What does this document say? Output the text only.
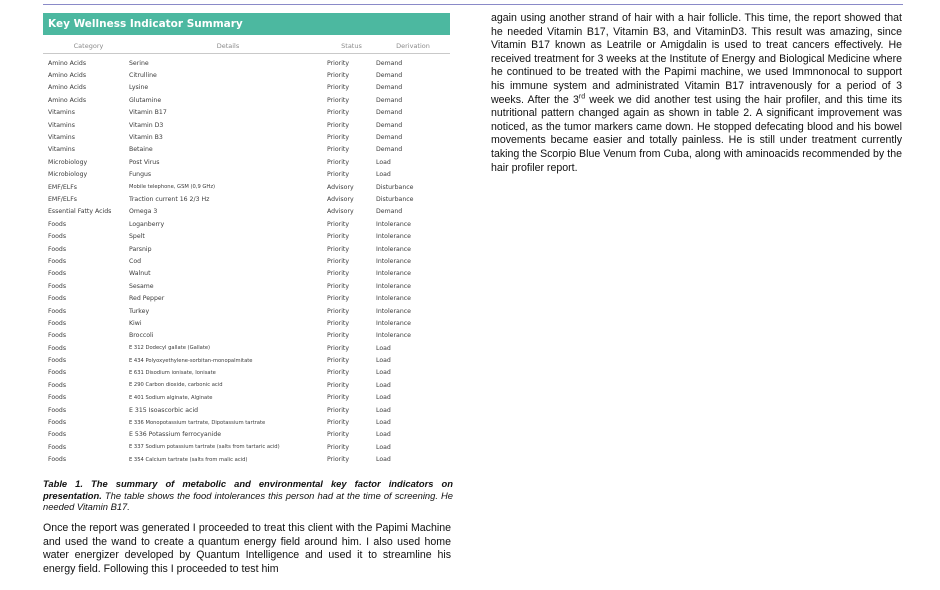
Key Wellness Indicator Summary
Category	Details	Status	Derivation
Amino Acids	Serine	Priority	Demand
Amino Acids	Citrulline	Priority	Demand
Amino Acids	Lysine	Priority	Demand
Amino Acids	Glutamine	Priority	Demand
Vitamins	Vitamin B17	Priority	Demand
Vitamins	Vitamin D3	Priority	Demand
Vitamins	Vitamin B3	Priority	Demand
Vitamins	Betaine	Priority	Demand
Microbiology	Post Virus	Priority	Load
Microbiology	Fungus	Priority	Load
EMF/ELFs	Mobile telephone, GSM (0,9 GHz)	Advisory	Disturbance
EMF/ELFs	Traction current 16 2/3 Hz	Advisory	Disturbance
Essential Fatty Acids	Omega 3	Advisory	Demand
Foods	Loganberry	Priority	Intolerance
Foods	Spelt	Priority	Intolerance
Foods	Parsnip	Priority	Intolerance
Foods	Cod	Priority	Intolerance
Foods	Walnut	Priority	Intolerance
Foods	Sesame	Priority	Intolerance
Foods	Red Pepper	Priority	Intolerance
Foods	Turkey	Priority	Intolerance
Foods	Kiwi	Priority	Intolerance
Foods	Broccoli	Priority	Intolerance
Foods	E 312 Dodecyl gallate (Gallate)	Priority	Load
Foods	E 434 Polyoxyethylene-sorbitan-monopalmitate	Priority	Load
Foods	E 631 Disodium ionisate, Ionisate	Priority	Load
Foods	E 290 Carbon dioxide, carbonic acid	Priority	Load
Foods	E 401 Sodium alginate, Alginate	Priority	Load
Foods	E 315 Isoascorbic acid	Priority	Load
Foods	E 336 Monopotassium tartrate, Dipotassium tartrate	Priority	Load
Foods	E 536 Potassium ferrocyanide	Priority	Load
Foods	E 337 Sodium potassium tartrate (salts from tartaric acid)	Priority	Load
Foods	E 354 Calcium tartrate (salts from malic acid)	Priority	Load
Table 1. The summary of metabolic and environmental key factor indicators on presentation. The table shows the food intolerances this person had at the time of screening. He needed Vitamin B17.
Once the report was generated I proceeded to treat this client with the Papimi Machine and used the wand to create a quantum energy field around him. I also used home water energizer developed by Quantum Intelligence and used it to streamline his energy field. Following this I proceeded to test him
again using another strand of hair with a hair follicle. This time, the report showed that he needed Vitamin B17, Vitamin B3, and VitaminD3. This result was amazing, since Vitamin B17 known as Leatrile or Amigdalin is used to treat cancers effectively. He received treatment for 3 weeks at the Institute of Energy and Biological Medicine where he continued to be treated with the Papimi machine, we used Immnonocal to support his immune system and administrated Vitamin B17 intravenously for a period of 3 weeks. After the 3rd week we did another test using the hair profiler, and this time its nutritional pattern changed again as shown in table 2. A significant improvement was noticed, as the tumor markers came down. He stopped defecating blood and his bowel movements became easier and totally painless. He is still under treatment currently taking the Scorpio Blue Venum from Cuba, along with aminoacids recommended by the hair profiler report.
